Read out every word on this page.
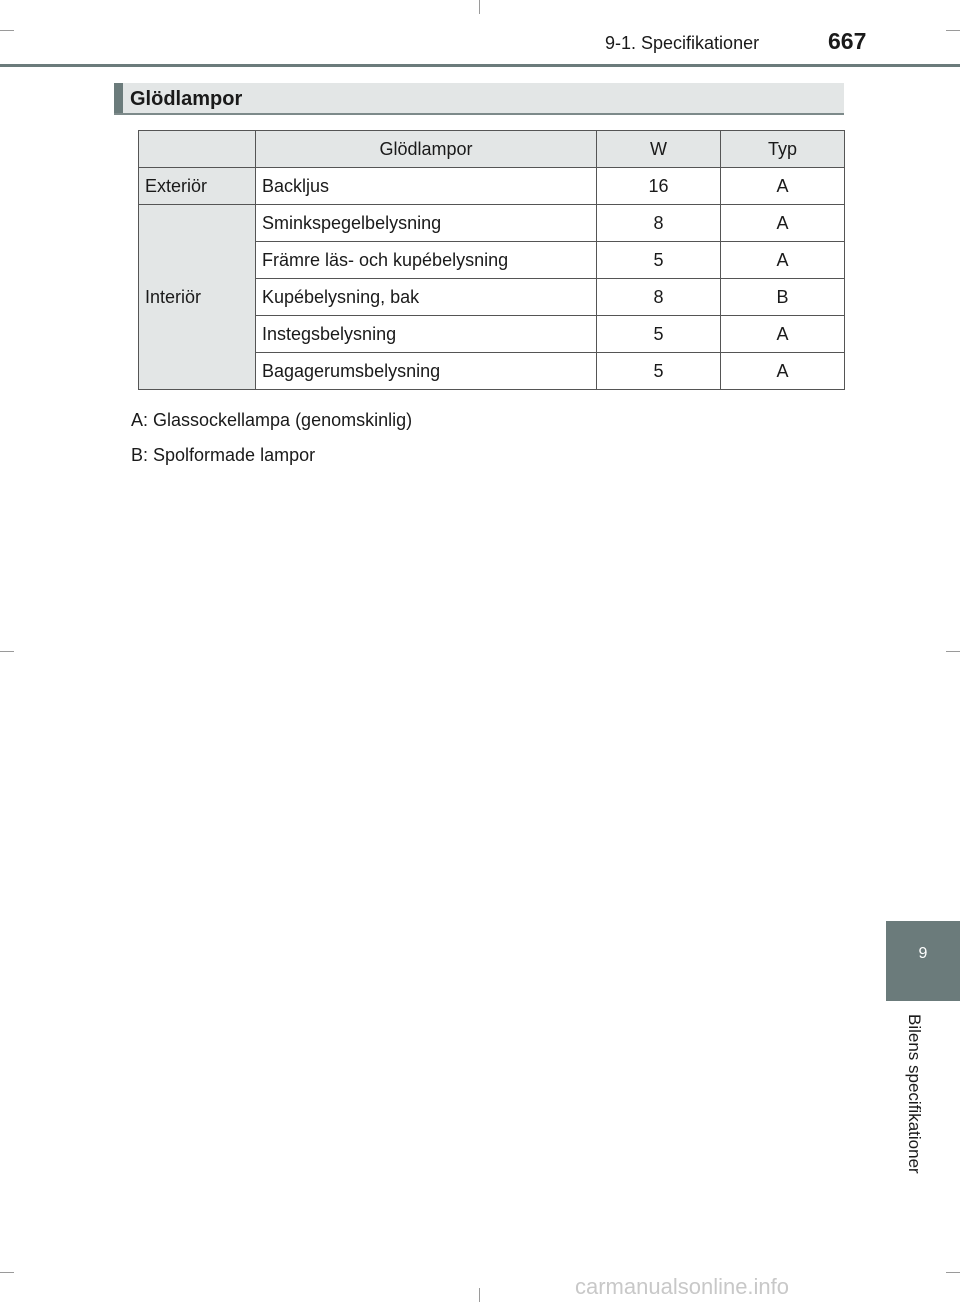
9-1. Specifikationer	667
Glödlampor
	Glödlampor	W	Typ
Exteriör	Backljus	16	A
Interiör	Sminkspegelbelysning	8	A
	Främre läs- och kupébelysning	5	A
	Kupébelysning, bak	8	B
	Instegsbelysning	5	A
	Bagagerumsbelysning	5	A
A: Glassockellampa (genomskinlig)
B: Spolformade lampor
9
Bilens specifikationer
carmanualsonline.info
